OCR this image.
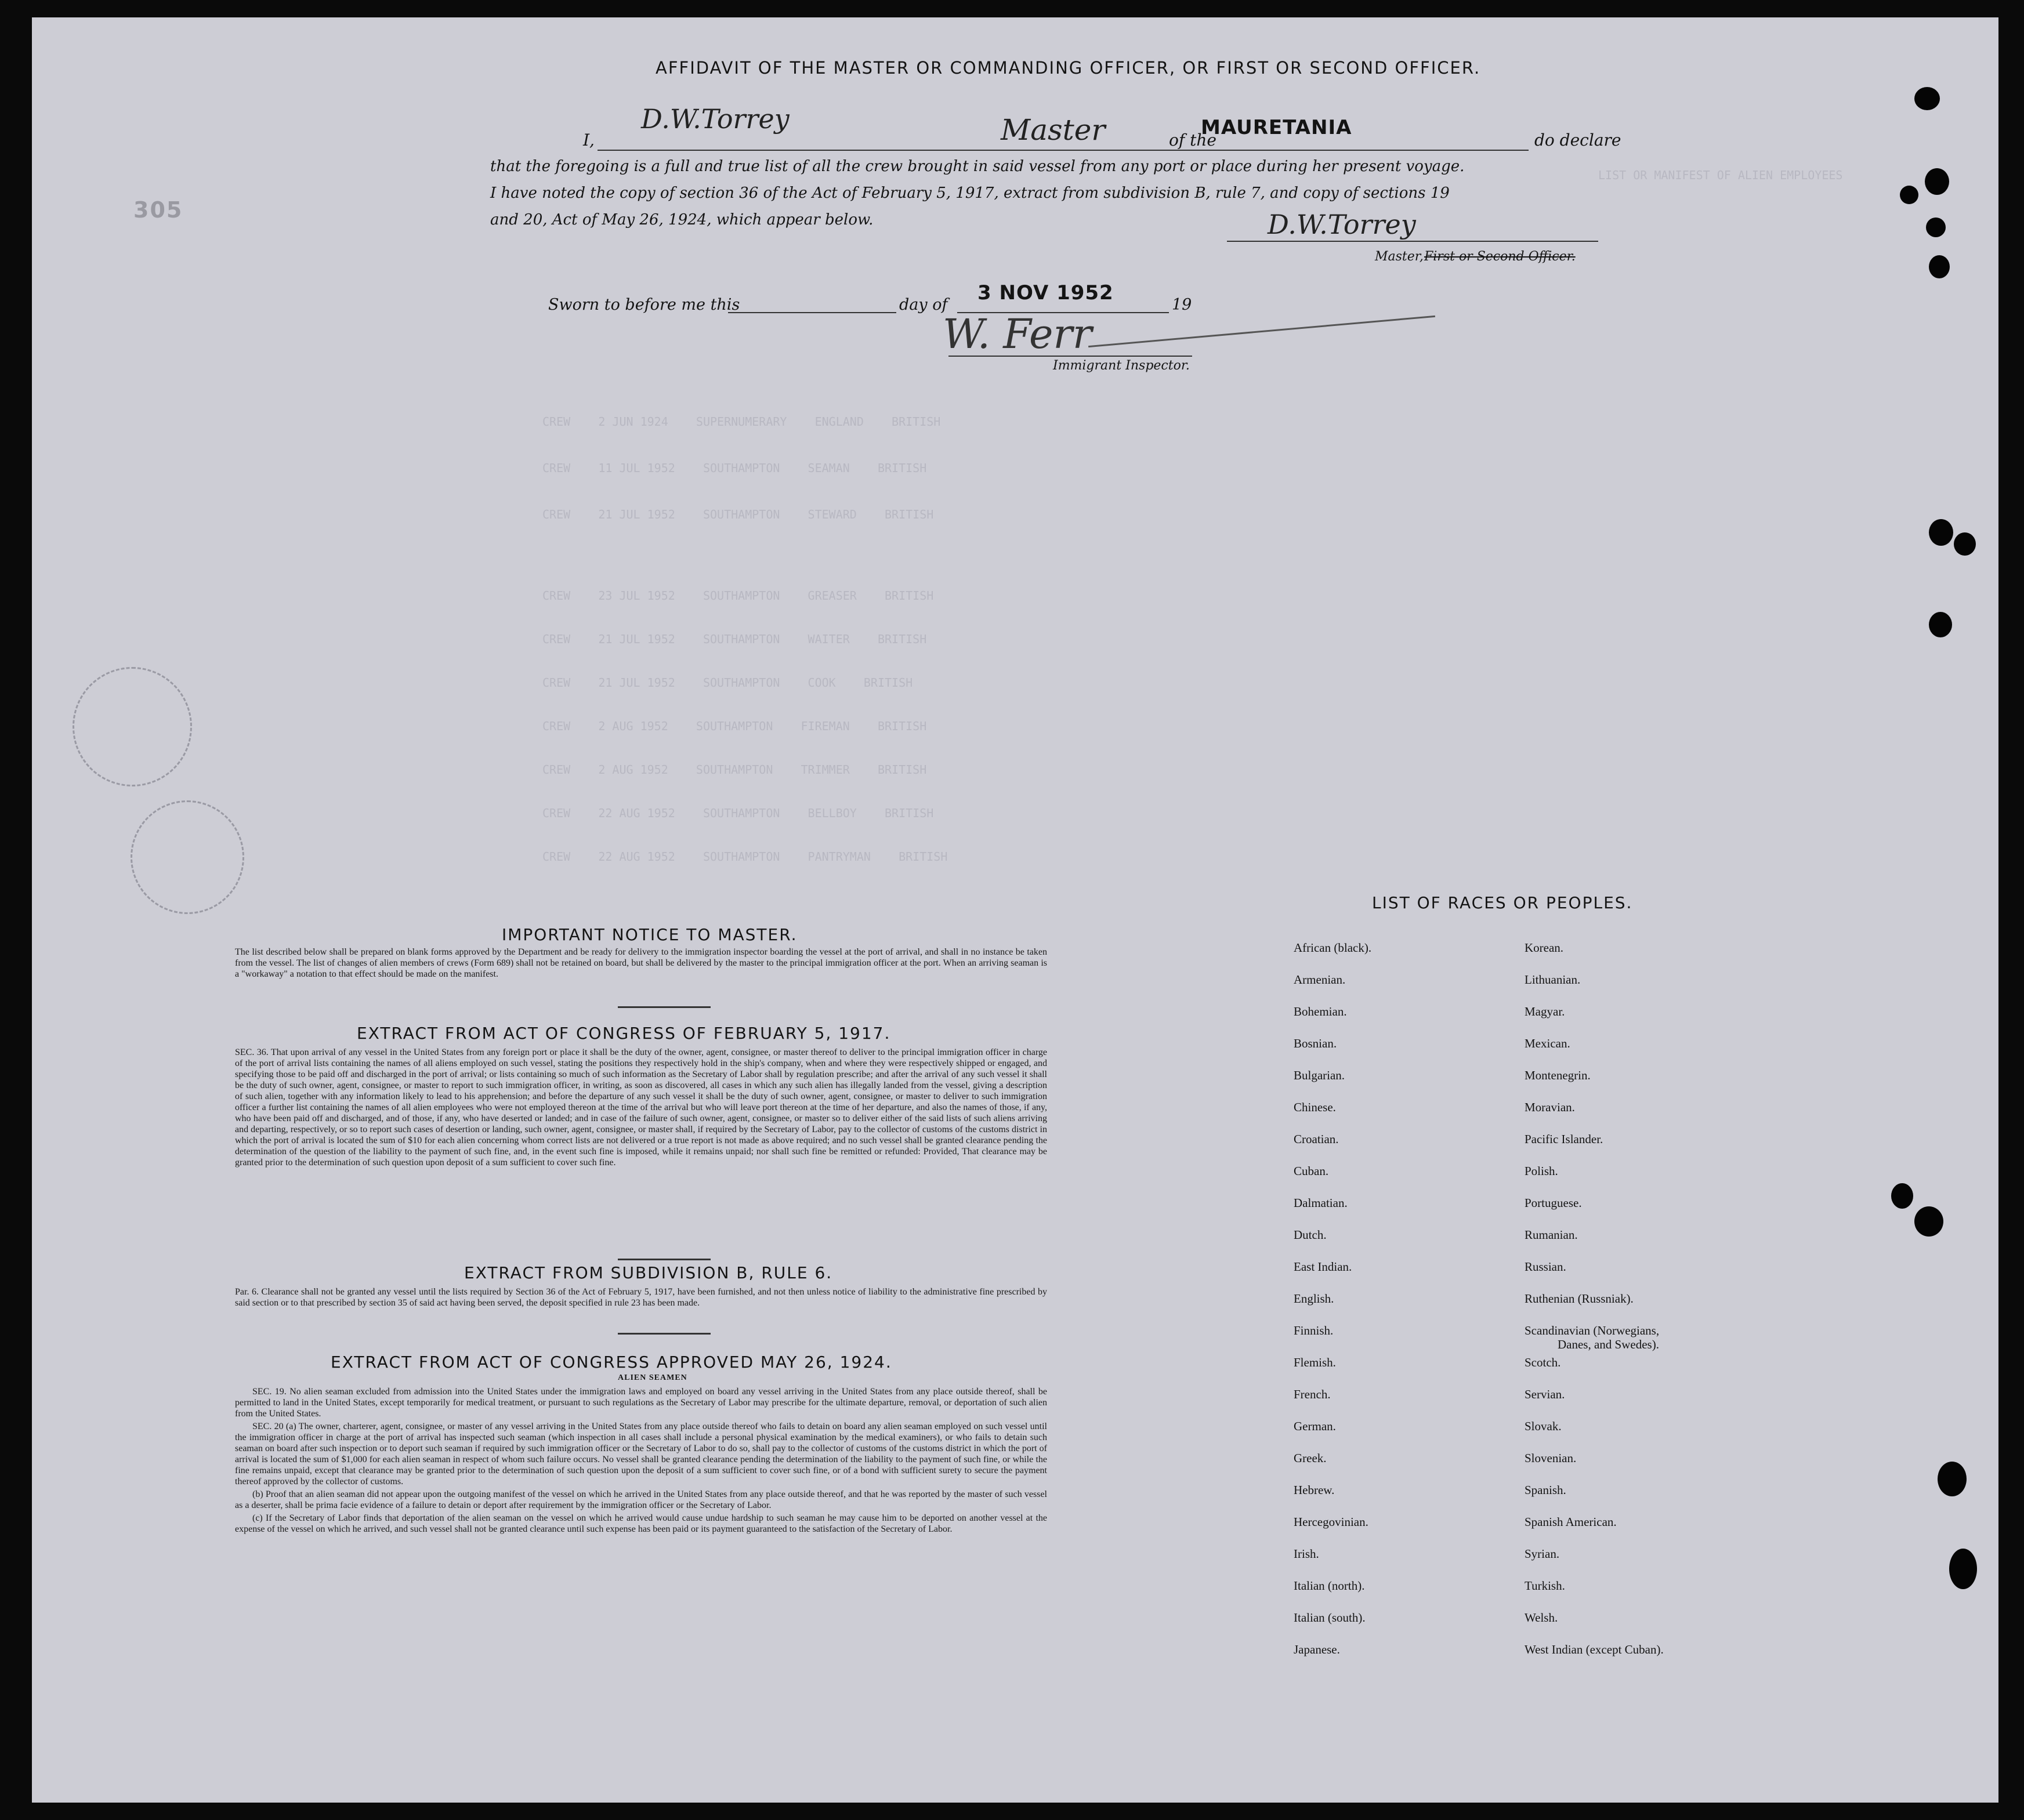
LIST OR MANIFEST OF ALIEN EMPLOYEES
CREW    2 JUN 1924    SUPERNUMERARY    ENGLAND    BRITISH
CREW    11 JUL 1952    SOUTHAMPTON    SEAMAN    BRITISH
CREW    21 JUL 1952    SOUTHAMPTON    STEWARD    BRITISH
CREW    23 JUL 1952    SOUTHAMPTON    GREASER    BRITISH
CREW    21 JUL 1952    SOUTHAMPTON    WAITER    BRITISH
CREW    21 JUL 1952    SOUTHAMPTON    COOK    BRITISH
CREW    2 AUG 1952    SOUTHAMPTON    FIREMAN    BRITISH
CREW    2 AUG 1952    SOUTHAMPTON    TRIMMER    BRITISH
CREW    22 AUG 1952    SOUTHAMPTON    BELLBOY    BRITISH
CREW    22 AUG 1952    SOUTHAMPTON    PANTRYMAN    BRITISH
305
AFFIDAVIT OF THE MASTER OR COMMANDING OFFICER, OR FIRST OR SECOND OFFICER.
I,
D.W.Torrey	Master	of the
MAURETANIA
do declare
that the foregoing is a full and true list of all the crew brought in said vessel from any port or place during her present voyage.
I have noted the copy of section 36 of the Act of February 5, 1917, extract from subdivision B, rule 7, and copy of sections 19
and 20, Act of May 26, 1924, which appear below.	D.W.Torrey
Master, First or Second Officer.
Sworn to before me this	day of
3 NOV 1952
19
W. Ferr
Immigrant Inspector.
IMPORTANT NOTICE TO MASTER.
The list described below shall be prepared on blank forms approved by the Department and be ready for delivery to the immigration inspector boarding the vessel at the port of arrival, and shall in no instance be taken from the vessel. The list of changes of alien members of crews (Form 689) shall not be retained on board, but shall be delivered by the master to the principal immigration officer at the port. When an arriving seaman is a "workaway" a notation to that effect should be made on the manifest.
EXTRACT FROM ACT OF CONGRESS OF FEBRUARY 5, 1917.
SEC. 36. That upon arrival of any vessel in the United States from any foreign port or place it shall be the duty of the owner, agent, consignee, or master thereof to deliver to the principal immigration officer in charge of the port of arrival lists containing the names of all aliens employed on such vessel, stating the positions they respectively hold in the ship's company, when and where they were respectively shipped or engaged, and specifying those to be paid off and discharged in the port of arrival; or lists containing so much of such information as the Secretary of Labor shall by regulation prescribe; and after the arrival of any such vessel it shall be the duty of such owner, agent, consignee, or master to report to such immigration officer, in writing, as soon as discovered, all cases in which any such alien has illegally landed from the vessel, giving a description of such alien, together with any information likely to lead to his apprehension; and before the departure of any such vessel it shall be the duty of such owner, agent, consignee, or master to deliver to such immigration officer a further list containing the names of all alien employees who were not employed thereon at the time of the arrival but who will leave port thereon at the time of her departure, and also the names of those, if any, who have been paid off and discharged, and of those, if any, who have deserted or landed; and in case of the failure of such owner, agent, consignee, or master so to deliver either of the said lists of such aliens arriving and departing, respectively, or so to report such cases of desertion or landing, such owner, agent, consignee, or master shall, if required by the Secretary of Labor, pay to the collector of customs of the customs district in which the port of arrival is located the sum of $10 for each alien concerning whom correct lists are not delivered or a true report is not made as above required; and no such vessel shall be granted clearance pending the determination of the question of the liability to the payment of such fine, and, in the event such fine is imposed, while it remains unpaid; nor shall such fine be remitted or refunded: Provided, That clearance may be granted prior to the determination of such question upon deposit of a sum sufficient to cover such fine.
EXTRACT FROM SUBDIVISION B, RULE 6.
Par. 6. Clearance shall not be granted any vessel until the lists required by Section 36 of the Act of February 5, 1917, have been furnished, and not then unless notice of liability to the administrative fine prescribed by said section or to that prescribed by section 35 of said act having been served, the deposit specified in rule 23 has been made.
EXTRACT FROM ACT OF CONGRESS APPROVED MAY 26, 1924.
ALIEN SEAMEN

SEC. 19. No alien seaman excluded from admission into the United States under the immigration laws and employed on board any vessel arriving in the United States from any place outside thereof, shall be permitted to land in the United States, except temporarily for medical treatment, or pursuant to such regulations as the Secretary of Labor may prescribe for the ultimate departure, removal, or deportation of such alien from the United States.

SEC. 20 (a) The owner, charterer, agent, consignee, or master of any vessel arriving in the United States from any place outside thereof who fails to detain on board any alien seaman employed on such vessel until the immigration officer in charge at the port of arrival has inspected such seaman (which inspection in all cases shall include a personal physical examination by the medical examiners), or who fails to detain such seaman on board after such inspection or to deport such seaman if required by such immigration officer or the Secretary of Labor to do so, shall pay to the collector of customs of the customs district in which the port of arrival is located the sum of $1,000 for each alien seaman in respect of whom such failure occurs. No vessel shall be granted clearance pending the determination of the liability to the payment of such fine, or while the fine remains unpaid, except that clearance may be granted prior to the determination of such question upon the deposit of a sum sufficient to cover such fine, or of a bond with sufficient surety to secure the payment thereof approved by the collector of customs.

(b) Proof that an alien seaman did not appear upon the outgoing manifest of the vessel on which he arrived in the United States from any place outside thereof, and that he was reported by the master of such vessel as a deserter, shall be prima facie evidence of a failure to detain or deport after requirement by the immigration officer or the Secretary of Labor.

(c) If the Secretary of Labor finds that deportation of the alien seaman on the vessel on which he arrived would cause undue hardship to such seaman he may cause him to be deported on another vessel at the expense of the vessel on which he arrived, and such vessel shall not be granted clearance until such expense has been paid or its payment guaranteed to the satisfaction of the Secretary of Labor.

LIST OF RACES OR PEOPLES.
African (black).
Armenian.
Bohemian.
Bosnian.
Bulgarian.
Chinese.
Croatian.
Cuban.
Dalmatian.
Dutch.
East Indian.
English.
Finnish.
Flemish.
French.
German.
Greek.
Hebrew.
Hercegovinian.
Irish.
Italian (north).
Italian (south).
Japanese.
Korean.
Lithuanian.
Magyar.
Mexican.
Montenegrin.
Moravian.
Pacific Islander.
Polish.
Portuguese.
Rumanian.
Russian.
Ruthenian (Russniak).
Scandinavian (Norwegians,
Danes, and Swedes).
Scotch.
Servian.
Slovak.
Slovenian.
Spanish.
Spanish American.
Syrian.
Turkish.
Welsh.
West Indian (except Cuban).
